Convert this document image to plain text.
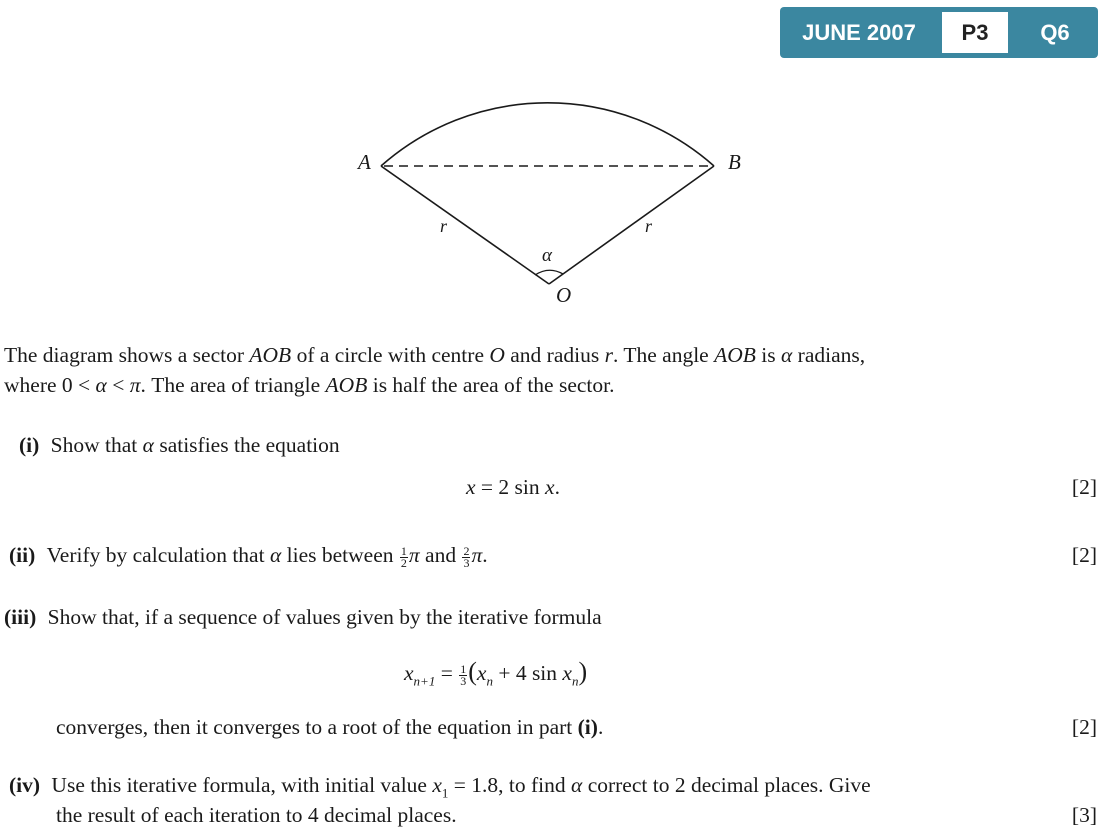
JUNE 2007	P3	Q6
A	B
O
r	r
α
The diagram shows a sector AOB of a circle with centre O and radius r. The angle AOB is α radians,
where 0 < α < π. The area of triangle AOB is half the area of the sector.
(i) Show that α satisfies the equation
x = 2 sin x.	[2]
(ii) Verify by calculation that α lies between $\frac{1}{2}$ π and $\frac{2}{3} \pi$.	[2]
(iii) Show that, if a sequence of values given by the iterative formula
$x_{n+1} = \frac{1}{3} (x_n + 4$ $\sin x_n$)
converges, then it converges to a root of the equation in part (i).	[2]
(iv) Use this iterative formula, with initial value $x_1 = 1.8$, to find α correct to 2 decimal places. Give
the result of each iteration to 4 decimal places.	[3]
